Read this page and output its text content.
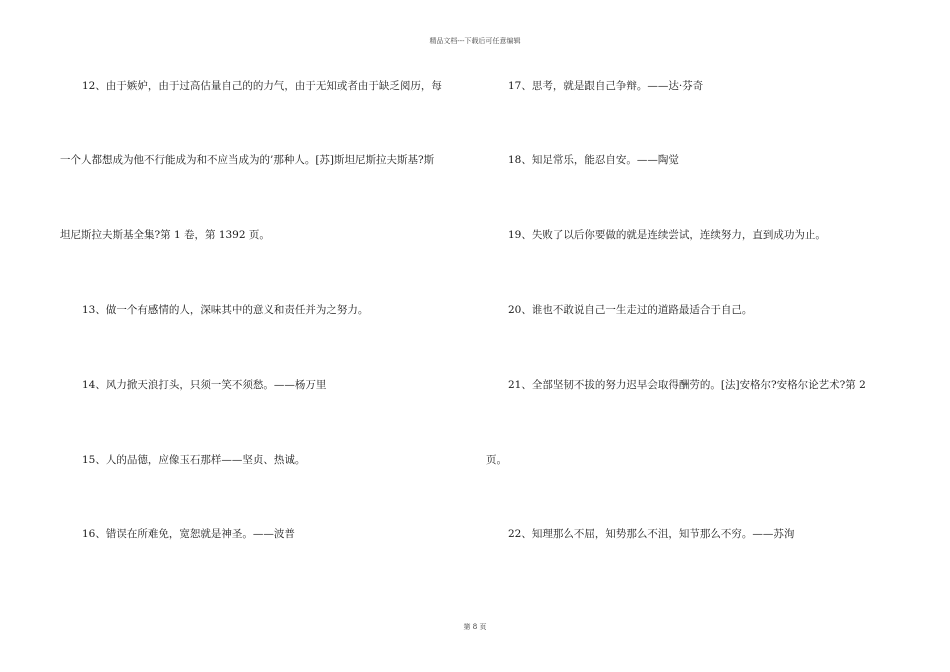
精品文档---下载后可任意编辑
12、由于嫉妒，由于过高估量自己的的力气，由于无知或者由于缺乏阅历，每
一个人都想成为他不行能成为和不应当成为的’那种人。[苏]斯坦尼斯拉夫斯基?斯
坦尼斯拉夫斯基全集?第 1 卷，第 1392 页。
13、做一个有感情的人，深味其中的意义和责任并为之努力。
14、风力掀天浪打头，只须一笑不须愁。——杨万里
15、人的品德，应像玉石那样——坚贞、热诚。
16、错误在所难免，宽恕就是神圣。——波普
17、思考，就是跟自己争辩。——达·芬奇
18、知足常乐，能忍自安。——陶觉
19、失败了以后你要做的就是连续尝试，连续努力，直到成功为止。
20、谁也不敢说自己一生走过的道路最适合于自己。
21、全部坚韧不拔的努力迟早会取得酬劳的。[法]安格尔?安格尔论艺术?第 2
页。
22、知理那么不屈，知势那么不沮，知节那么不穷。——苏洵
第 8 页
